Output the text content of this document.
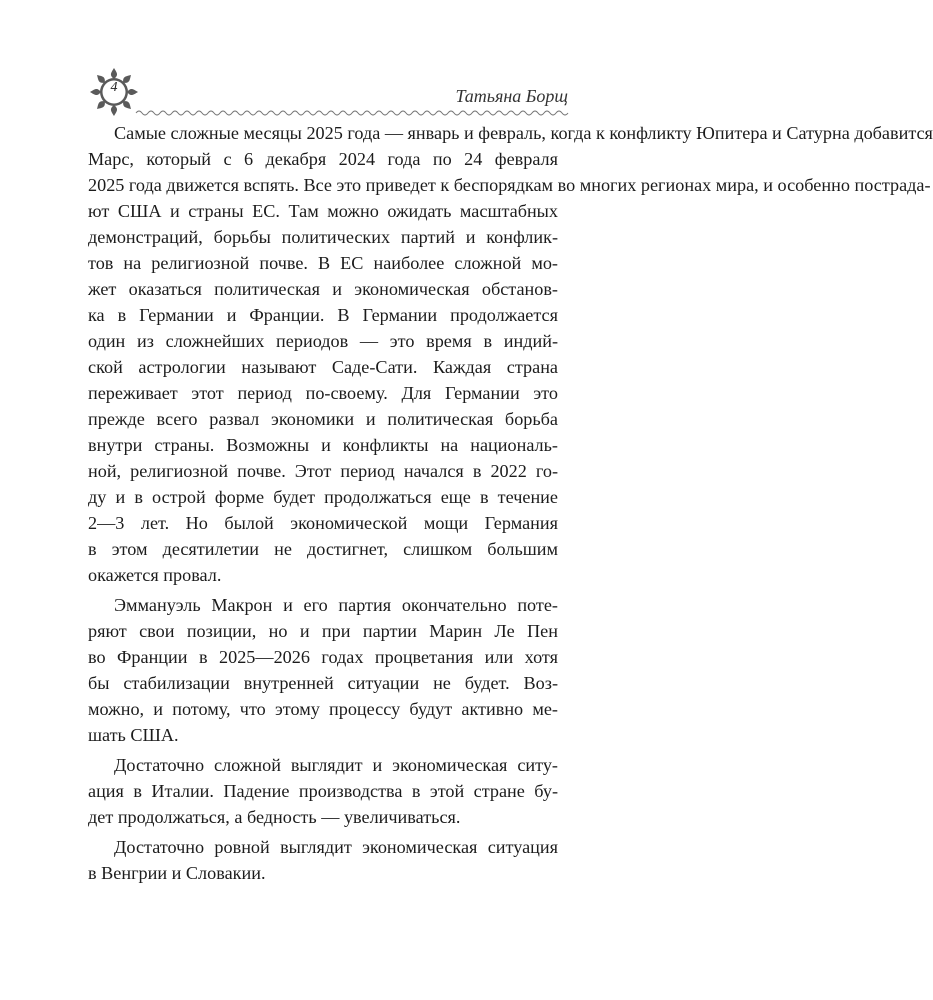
4	Татьяна Борщ

Самые сложные месяцы 2025 года — январь и февраль, когда к конфликту Юпитера и Сатурна добавится
Марс, который с 6 декабря 2024 года по 24 февраля
2025 года движется вспять. Все это приведет к беспорядкам во многих регионах мира, и особенно пострада-
ют США и страны ЕС. Там можно ожидать масштабных
демонстраций, борьбы политических партий и конфлик-
тов на религиозной почве. В ЕС наиболее сложной мо-
жет оказаться политическая и экономическая обстанов-
ка в Германии и Франции. В Германии продолжается
один из сложнейших периодов — это время в индий-
ской астрологии называют Саде-Сати. Каждая страна
переживает этот период по-своему. Для Германии это
прежде всего развал экономики и политическая борьба
внутри страны. Возможны и конфликты на националь-
ной, религиозной почве. Этот период начался в 2022 го-
ду и в острой форме будет продолжаться еще в течение
2—3 лет. Но былой экономической мощи Германия
в этом десятилетии не достигнет, слишком большим
окажется провал.

Эммануэль Макрон и его партия окончательно поте-
ряют свои позиции, но и при партии Марин Ле Пен
во Франции в 2025—2026 годах процветания или хотя
бы стабилизации внутренней ситуации не будет. Воз-
можно, и потому, что этому процессу будут активно ме-
шать США.

Достаточно сложной выглядит и экономическая ситу-
ация в Италии. Падение производства в этой стране бу-
дет продолжаться, а бедность — увеличиваться.

Достаточно ровной выглядит экономическая ситуация
в Венгрии и Словакии.
